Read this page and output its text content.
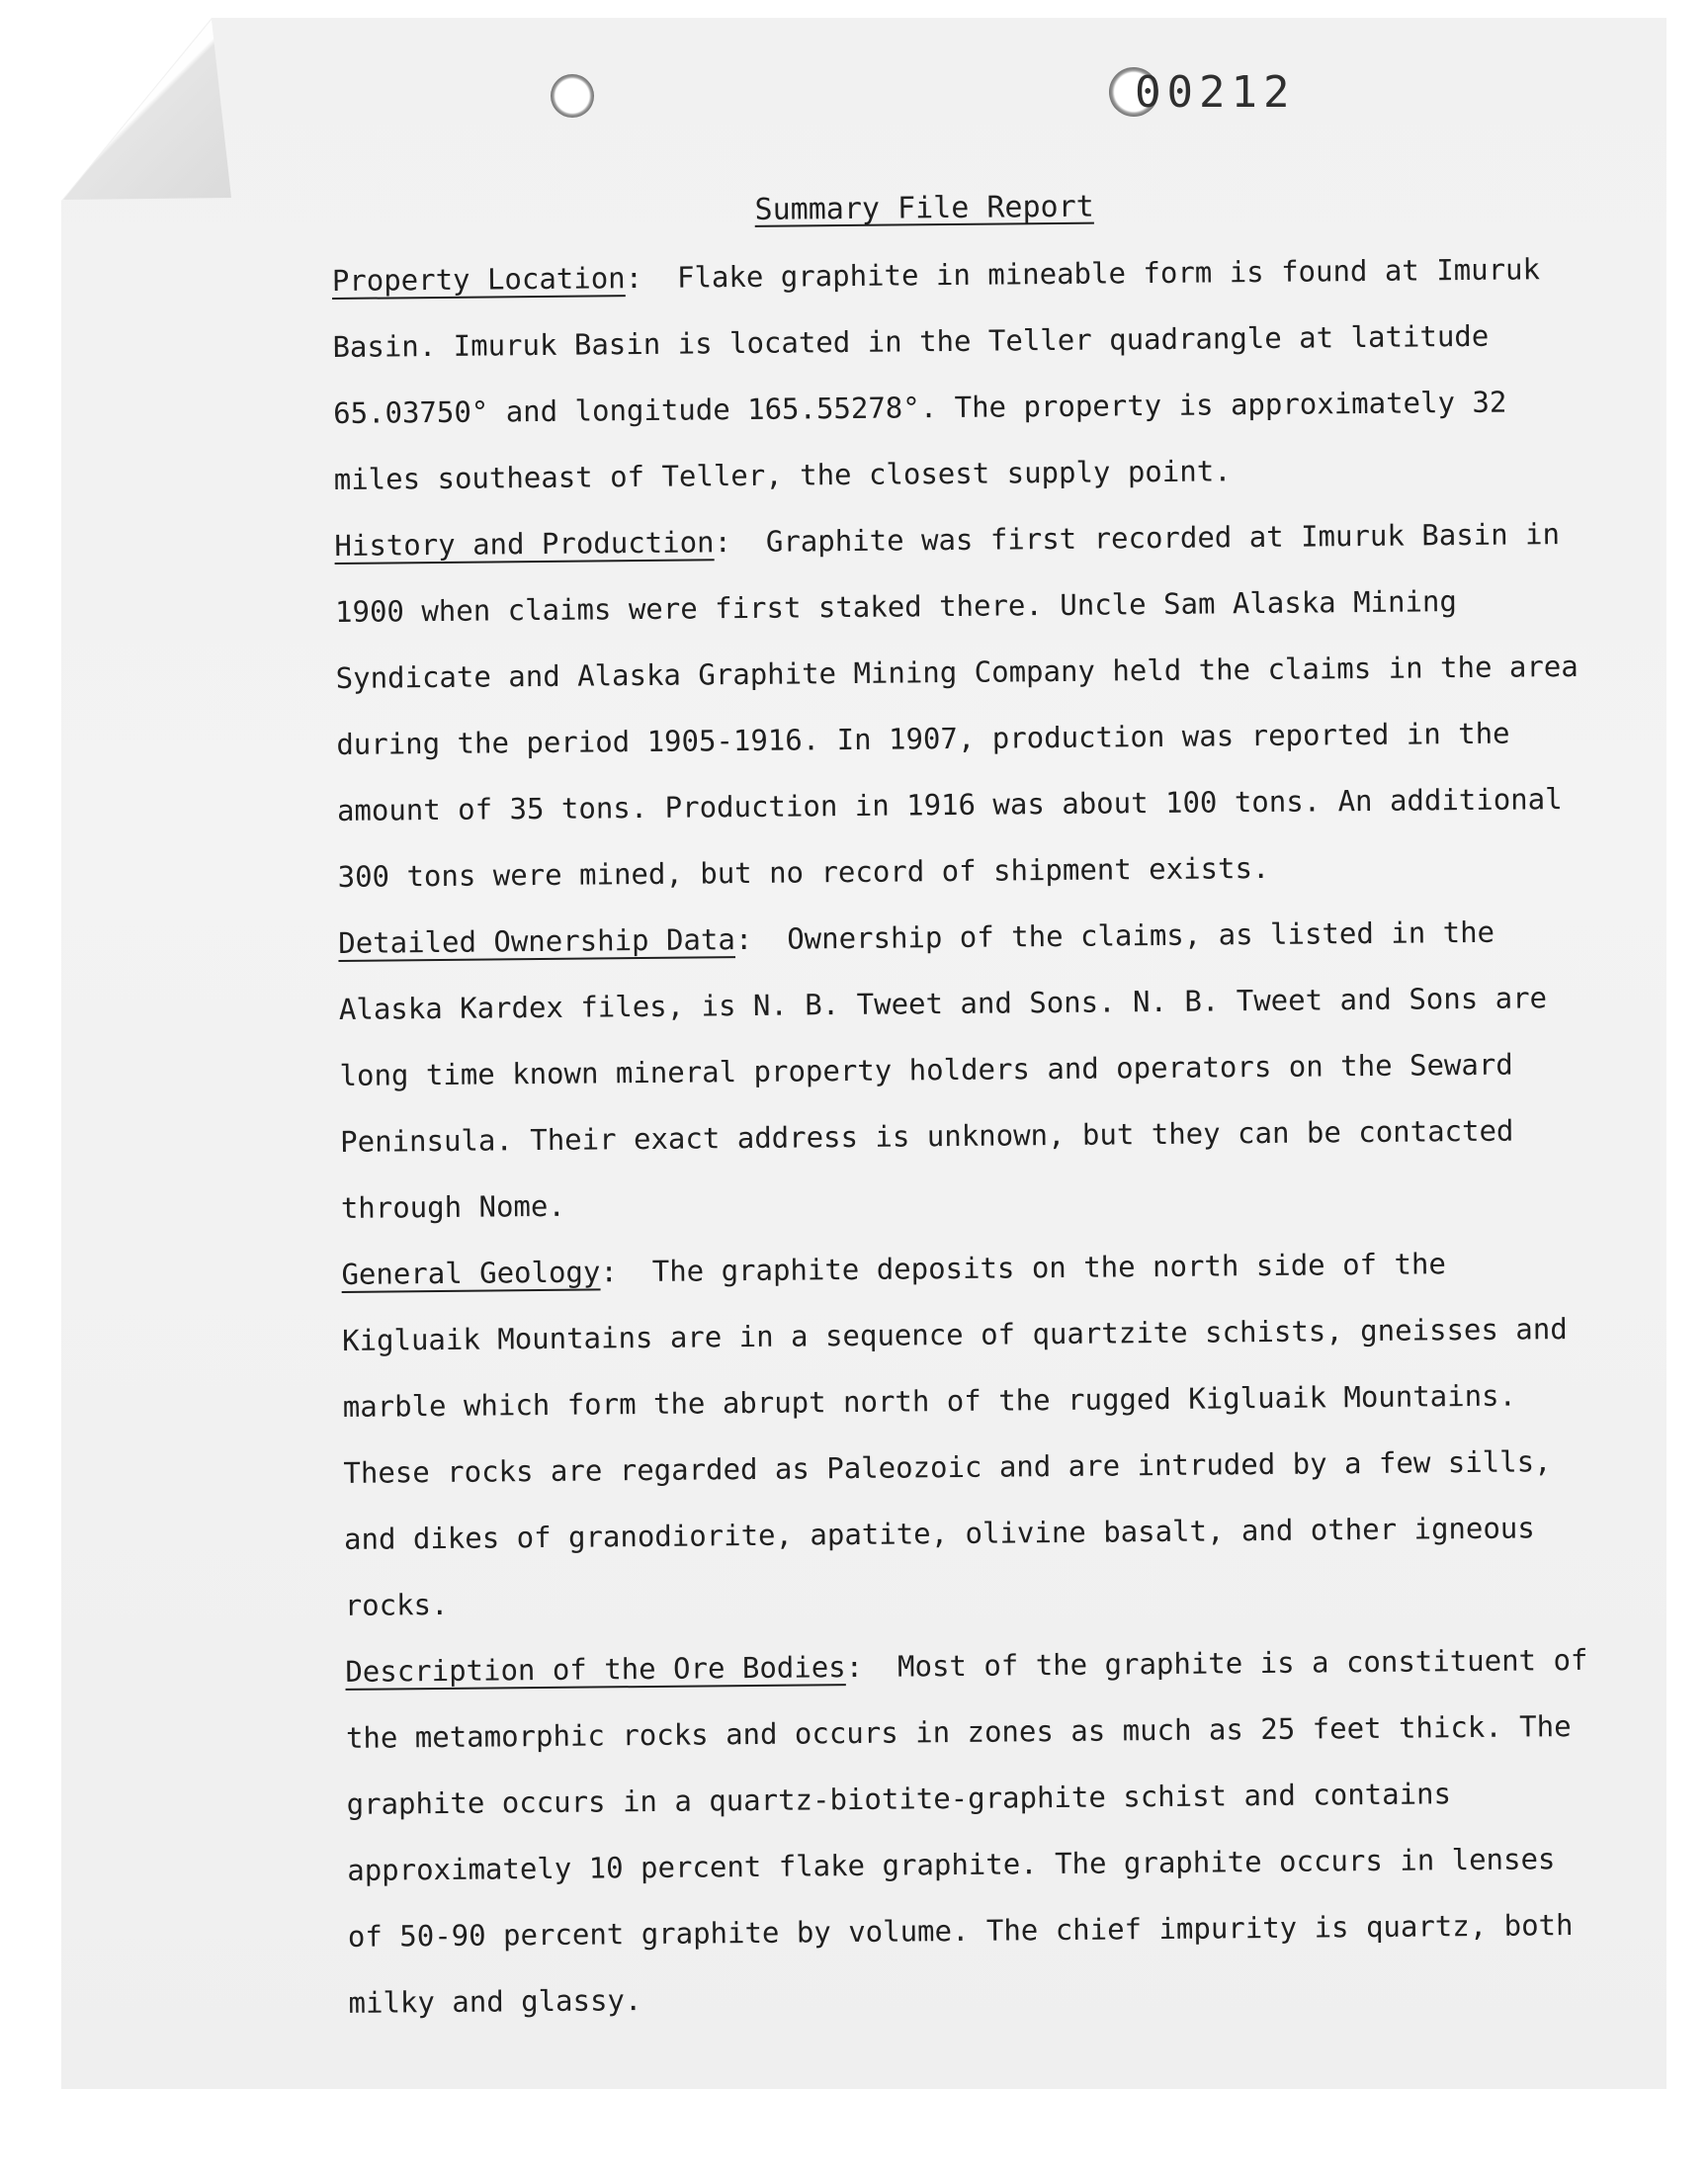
00212
Summary File Report

Property Location:  Flake graphite in mineable form is found at Imuruk Basin. Imuruk Basin is located in the Teller quadrangle at latitude 65.03750° and longitude 165.55278°. The property is approximately 32 miles southeast of Teller, the closest supply point.

History and Production:  Graphite was first recorded at Imuruk Basin in 1900 when claims were first staked there. Uncle Sam Alaska Mining Syndicate and Alaska Graphite Mining Company held the claims in the area during the period 1905-1916. In 1907, production was reported in the amount of 35 tons. Production in 1916 was about 100 tons. An additional 300 tons were mined, but no record of shipment exists.

Detailed Ownership Data:  Ownership of the claims, as listed in the Alaska Kardex files, is N. B. Tweet and Sons. N. B. Tweet and Sons are long time known mineral property holders and operators on the Seward Peninsula. Their exact address is unknown, but they can be contacted through Nome.

General Geology:  The graphite deposits on the north side of the Kigluaik Mountains are in a sequence of quartzite schists, gneisses and marble which form the abrupt north of the rugged Kigluaik Mountains. These rocks are regarded as Paleozoic and are intruded by a few sills, and dikes of granodiorite, apatite, olivine basalt, and other igneous rocks.

Description of the Ore Bodies:  Most of the graphite is a constituent of the metamorphic rocks and occurs in zones as much as 25 feet thick. The graphite occurs in a quartz-biotite-graphite schist and contains approximately 10 percent flake graphite. The graphite occurs in lenses of 50-90 percent graphite by volume. The chief impurity is quartz, both milky and glassy.
